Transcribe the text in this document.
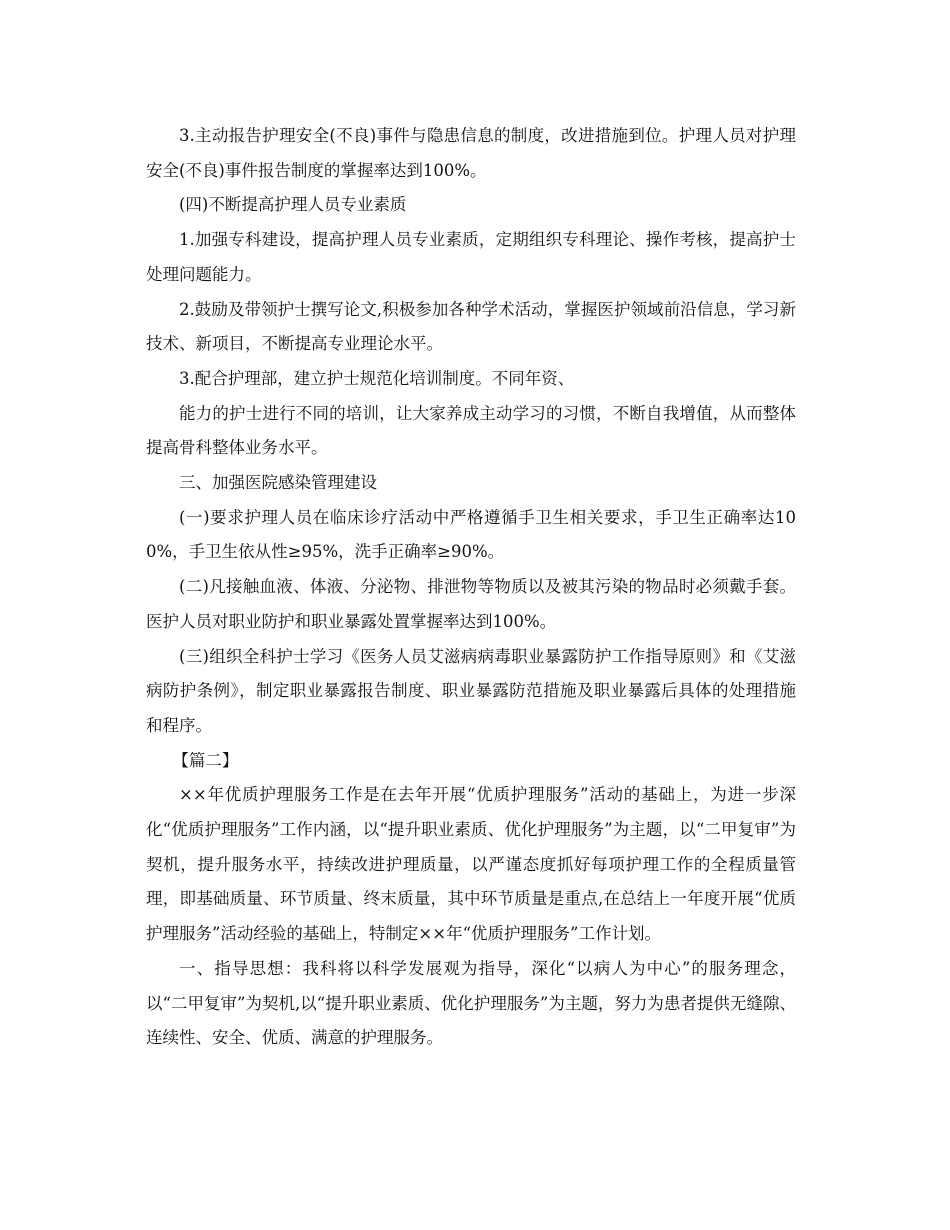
3.主动报告护理安全(不良)事件与隐患信息的制度，改进措施到位。护理人员对护理安全(不良)事件报告制度的掌握率达到100%。

(四)不断提高护理人员专业素质

1.加强专科建设，提高护理人员专业素质，定期组织专科理论、操作考核，提高护士处理问题能力。

2.鼓励及带领护士撰写论文,积极参加各种学术活动，掌握医护领域前沿信息，学习新技术、新项目，不断提高专业理论水平。

3.配合护理部，建立护士规范化培训制度。不同年资、

能力的护士进行不同的培训，让大家养成主动学习的习惯，不断自我增值，从而整体提高骨科整体业务水平。

三、加强医院感染管理建设

(一)要求护理人员在临床诊疗活动中严格遵循手卫生相关要求，手卫生正确率达100%，手卫生依从性≥95%，洗手正确率≥90%。

(二)凡接触血液、体液、分泌物、排泄物等物质以及被其污染的物品时必须戴手套。医护人员对职业防护和职业暴露处置掌握率达到100%。

(三)组织全科护士学习《医务人员艾滋病病毒职业暴露防护工作指导原则》和《艾滋病防护条例》，制定职业暴露报告制度、职业暴露防范措施及职业暴露后具体的处理措施和程序。

【篇二】

××年优质护理服务工作是在去年开展“优质护理服务”活动的基础上，为进一步深化“优质护理服务”工作内涵，以“提升职业素质、优化护理服务”为主题，以“二甲复审”为契机，提升服务水平，持续改进护理质量，以严谨态度抓好每项护理工作的全程质量管理，即基础质量、环节质量、终末质量，其中环节质量是重点,在总结上一年度开展“优质护理服务”活动经验的基础上，特制定××年“优质护理服务”工作计划。

一、指导思想：我科将以科学发展观为指导，深化“以病人为中心”的服务理念，以“二甲复审”为契机,以“提升职业素质、优化护理服务”为主题，努力为患者提供无缝隙、连续性、安全、优质、满意的护理服务。
